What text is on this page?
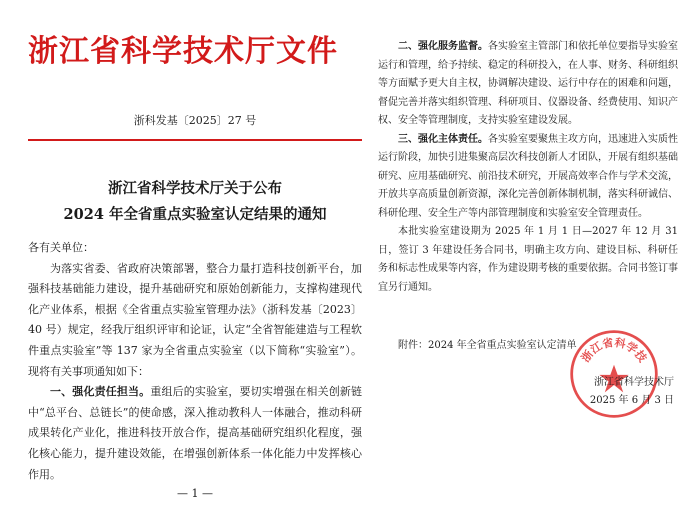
浙江省科学技术厅文件
浙科发基〔2025〕27 号
浙江省科学技术厅关于公布
2024 年全省重点实验室认定结果的通知

各有关单位：

为落实省委、省政府决策部署，整合力量打造科技创新平台，加强科技基础能力建设，提升基础研究和原始创新能力，支撑构建现代化产业体系，根据《全省重点实验室管理办法》（浙科发基〔2023〕40 号）规定，经我厅组织评审和论证，认定“全省智能建造与工程软件重点实验室”等 137 家为全省重点实验室（以下简称“实验室”）。现将有关事项通知如下：

一、强化责任担当。重组后的实验室，要切实增强在相关创新链中“总平台、总链长”的使命感，深入推动教科人一体融合，推动科研成果转化产业化，推进科技开放合作，提高基础研究组织化程度，强化核心能力，提升建设效能，在增强创新体系一体化能力中发挥核心作用。

— 1 —

二、强化服务监督。各实验室主管部门和依托单位要指导实验室运行和管理，给予持续、稳定的科研投入，在人事、财务、科研组织等方面赋予更大自主权，协调解决建设、运行中存在的困难和问题，督促完善并落实组织管理、科研项目、仪器设备、经费使用、知识产权、安全等管理制度，支持实验室建设发展。

三、强化主体责任。各实验室要聚焦主攻方向，迅速进入实质性运行阶段，加快引进集聚高层次科技创新人才团队，开展有组织基础研究、应用基础研究、前沿技术研究，开展高效率合作与学术交流，开放共享高质量创新资源，深化完善创新体制机制，落实科研诚信、科研伦理、安全生产等内部管理制度和实验室安全管理责任。

本批实验室建设期为 2025 年 1 月 1 日—2027 年 12 月 31 日，签订 3 年建设任务合同书，明确主攻方向、建设目标、科研任务和标志性成果等内容，作为建设期考核的重要依据。合同书签订事宜另行通知。

浙江省科学技
附件：2024 年全省重点实验室认定清单
浙江省科学技术厅
2025 年 6 月 3 日
